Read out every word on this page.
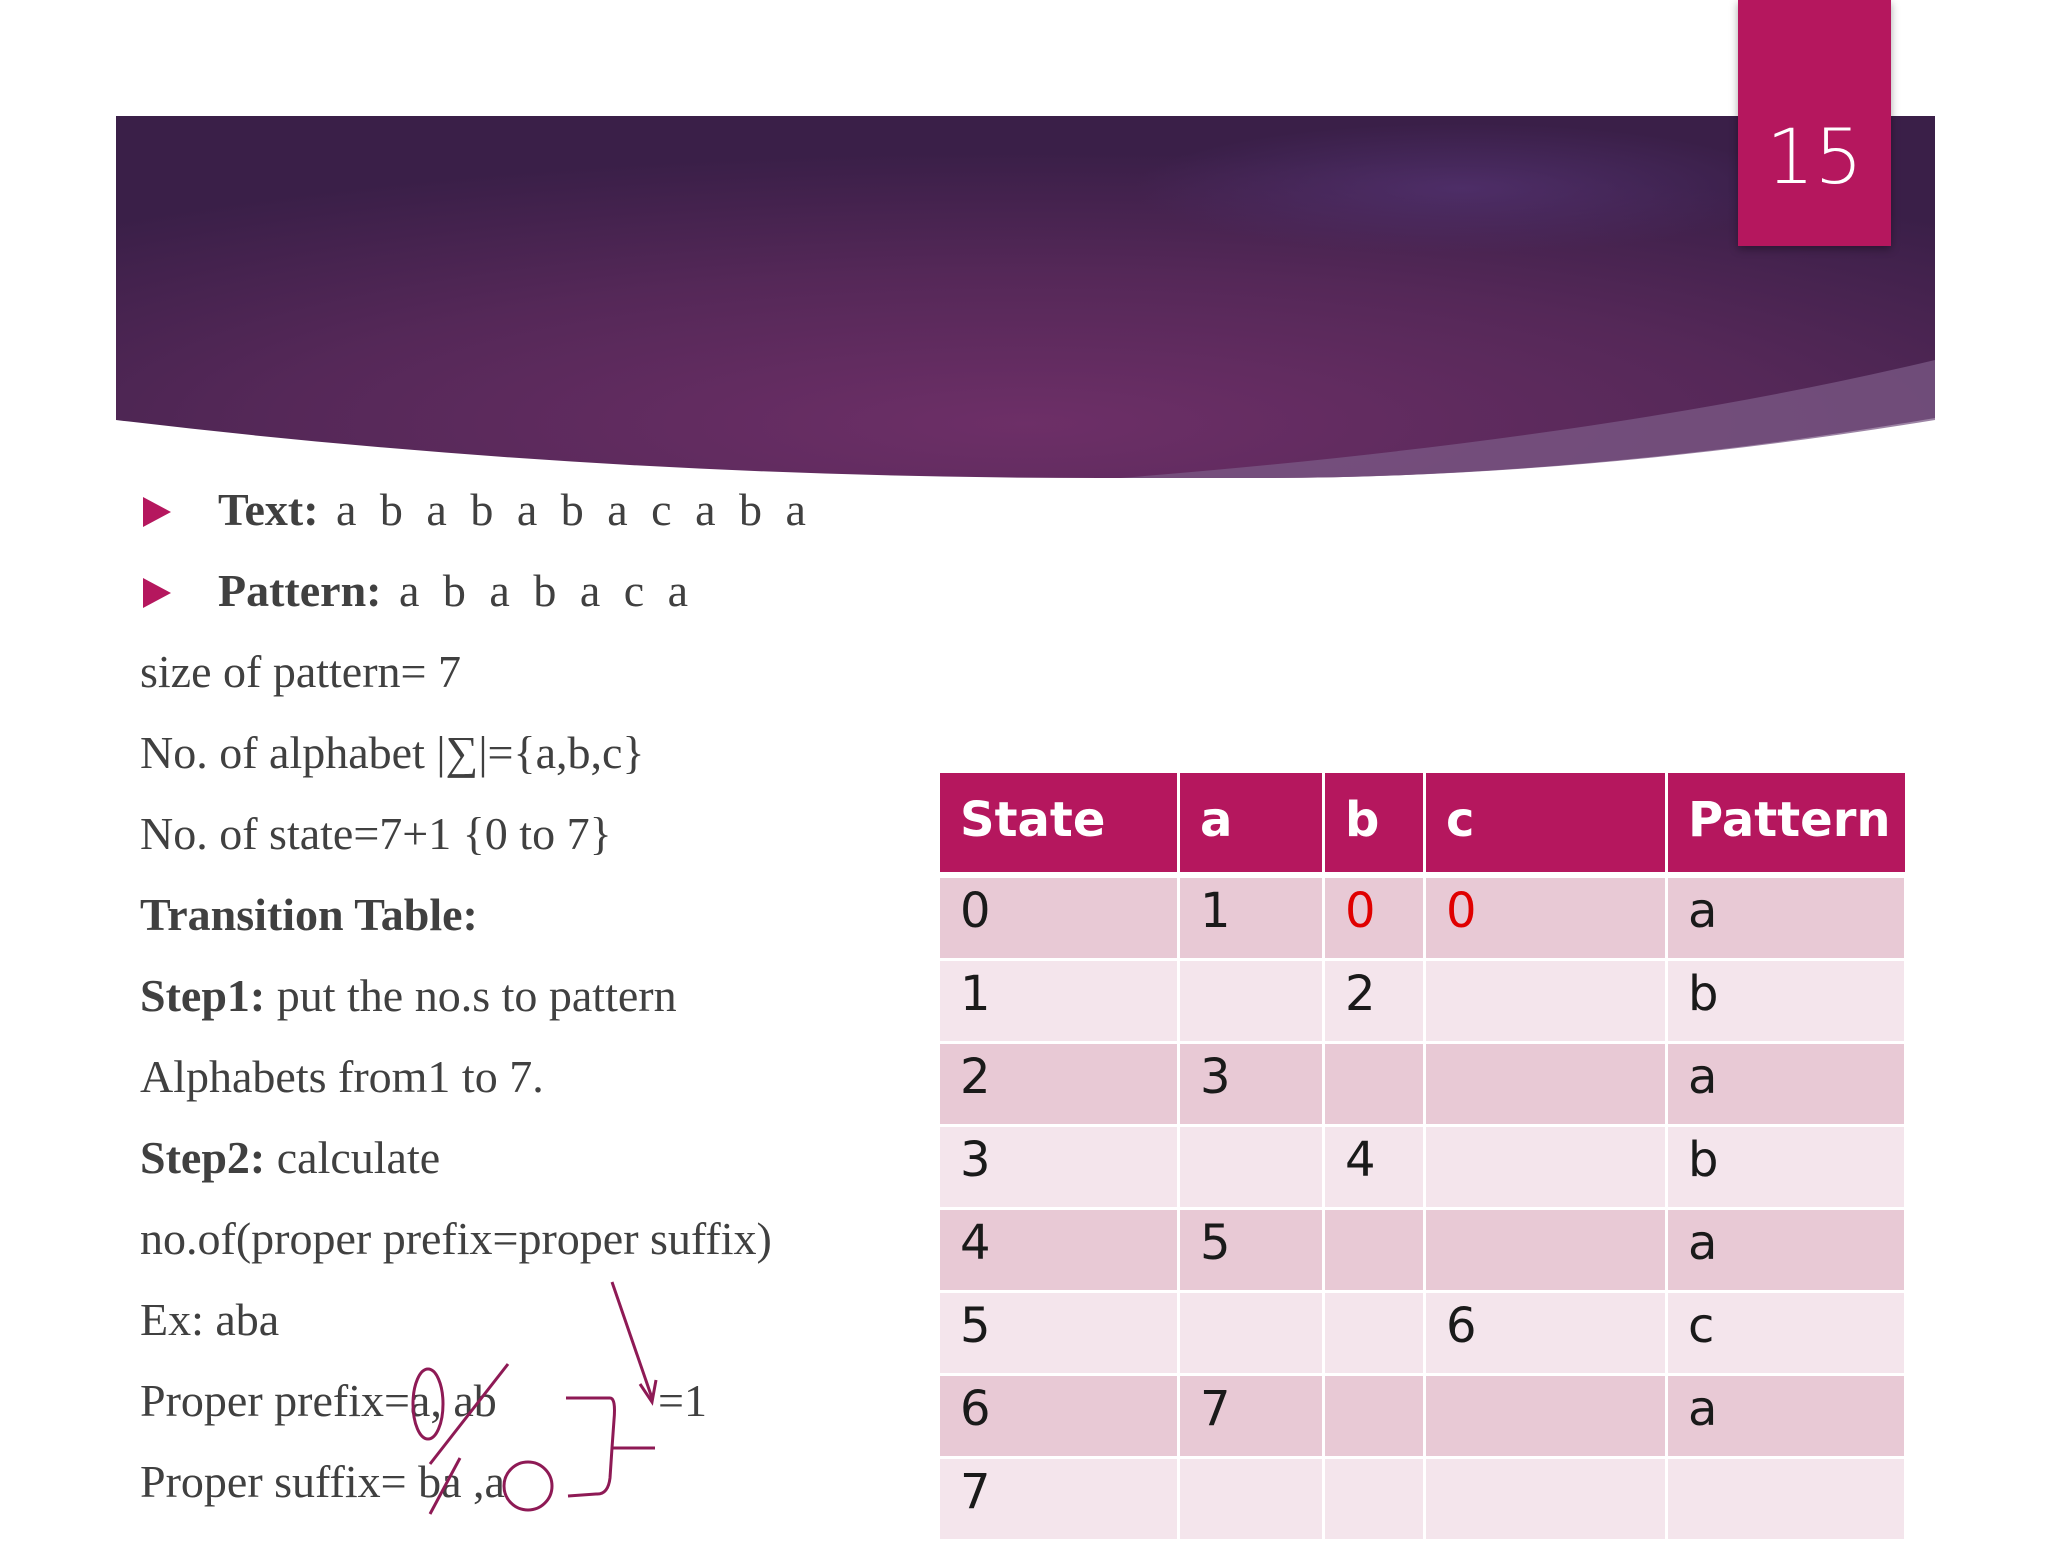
15
Text: a b a b a b a c a b a
Pattern: a b a b a c a
size of pattern= 7
No. of alphabet |∑|={a,b,c}
No. of state=7+1 {0 to 7}
Transition Table:
Step1: put the no.s to pattern
Alphabets from1 to 7.
Step2: calculate
no.of(proper prefix=proper suffix)
Ex: aba
Proper prefix=a, ab
Proper suffix= ba ,a
=1
State	a	b	c	Pattern
0	1	0	0	a
1		2		b
2	3			a
3		4		b
4	5			a
5			6	c
6	7			a
7				
